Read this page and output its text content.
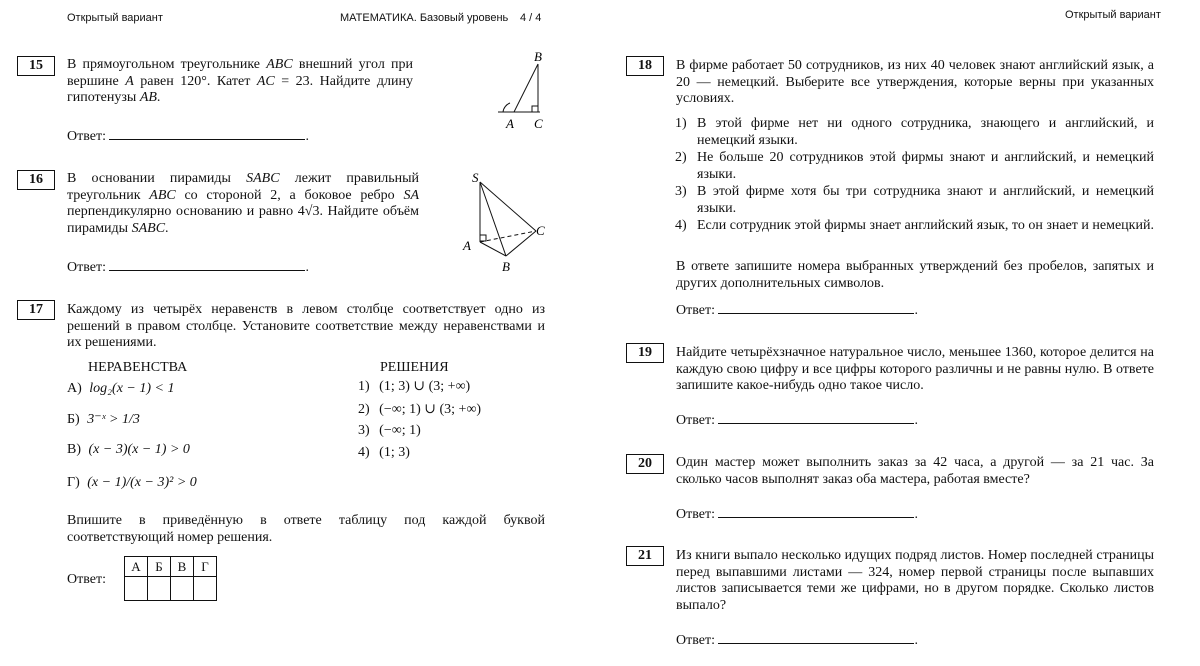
Открытый вариант	МАТЕМАТИКА. Базовый уровень 4 / 4	Открытый вариант
15	В прямоугольном треугольнике ABC внешний угол при вершине A равен 120°. Катет AC = 23. Найдите длину гипотенузы AB.
B
A C
Ответ:	.
16	В основании пирамиды SABC лежит правильный треугольник ABC со стороной 2, а боковое ребро SA перпендикулярно основанию и равно 4√3. Найдите объём пирамиды SABC.
S
A
B
C
Ответ:	.
17	Каждому из четырёх неравенств в левом столбце соответствует одно из решений в правом столбце. Установите соответствие между неравенствами и их решениями.
НЕРАВЕНСТВА	РЕШЕНИЯ
А) log₂(x − 1) < 1
Б) 3⁻ˣ > 1/3
В) (x − 3)(x − 1) > 0
Г) (x − 1)/(x − 3)² > 0
1) (1; 3) ∪ (3; +∞)
2) (−∞; 1) ∪ (3; +∞)
3) (−∞; 1)
4) (1; 3)
Впишите в приведённую в ответе таблицу под каждой буквой соответствующий номер решения.
Ответ:
А	Б	В	Г

18	В фирме работает 50 сотрудников, из них 40 человек знают английский язык, а 20 — немецкий. Выберите все утверждения, которые верны при указанных условиях.
1) В этой фирме нет ни одного сотрудника, знающего и английский, и немецкий языки.
2) Не больше 20 сотрудников этой фирмы знают и английский, и немецкий языки.
3) В этой фирме хотя бы три сотрудника знают и английский, и немецкий языки.
4) Если сотрудник этой фирмы знает английский язык, то он знает и немецкий.
В ответе запишите номера выбранных утверждений без пробелов, запятых и других дополнительных символов.
Ответ:	.
19	Найдите четырёхзначное натуральное число, меньшее 1360, которое делится на каждую свою цифру и все цифры которого различны и не равны нулю. В ответе запишите какое-нибудь одно такое число.
Ответ:	.
20	Один мастер может выполнить заказ за 42 часа, а другой — за 21 час. За сколько часов выполнят заказ оба мастера, работая вместе?
Ответ:	.
21	Из книги выпало несколько идущих подряд листов. Номер последней страницы перед выпавшими листами — 324, номер первой страницы после выпавших листов записывается теми же цифрами, но в другом порядке. Сколько листов выпало?
Ответ:	.
